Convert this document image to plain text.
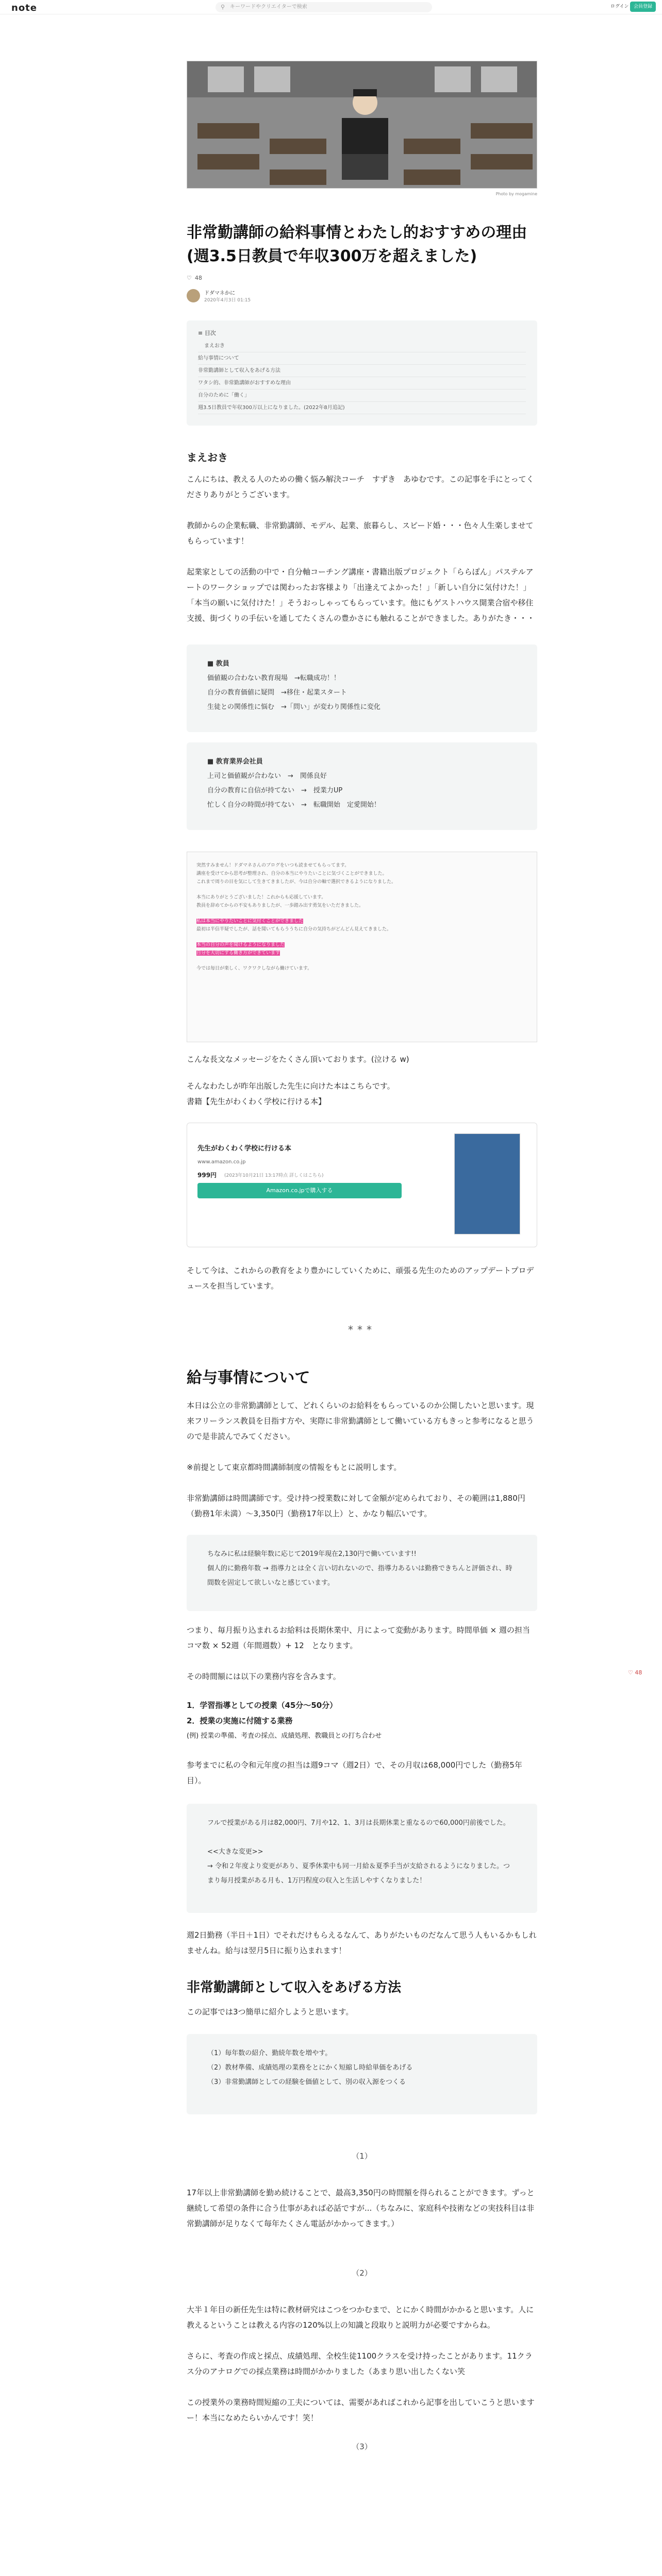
note	⚲ キーワードやクリエイターで検索	ログイン	会員登録
Photo by mogamine
非常勤講師の給料事情とわたし的おすすめの理由(週3.5日教員で年収300万を超えました)
♡ 48
ドダマネかに
2020年4月3日 01:15
≡ 目次
まえおき
給与事情について
非常勤講師として収入をあげる方法
ワタシ的、非常勤講師がおすすめな理由
自分のために「働く」
週3.5日教員で年収300万以上になりました。(2022年8月追記)
まえおき

こんにちは、教える人のための働く悩み解決コーチ　すずき　あゆむです。この記事を手にとってくださりありがとうございます。

教師からの企業転職、非常勤講師、モデル、起業、旅暮らし、スピード婚・・・色々人生楽しませてもらっています！

起業家としての活動の中で・自分軸コーチング講座・書籍出版プロジェクト「ららぽん」パステルアートのワークショップでは関わったお客様より「出逢えてよかった！」「新しい自分に気付けた！」「本当の願いに気付けた！」そうおっしゃってもらっています。他にもゲストハウス開業合宿や移住支援、街づくりの手伝いを通してたくさんの豊かさにも触れることができました。ありがたき・・・

■ 教員
価値観の合わない教育現場　→転職成功！！
自分の教育価値に疑問　→移住・起業スタート
生徒との関係性に悩む　→「問い」が変わり関係性に変化
■ 教育業界会社員
上司と価値観が合わない　→　関係良好
自分の教育に自信が持てない　→　授業力UP
忙しく自分の時間が持てない　→　転職開始　定愛開始！
突然すみません！ドダマネさんのブログをいつも読ませてもらってます。
講座を受けてから思考が整理され、自分の本当にやりたいことに気づくことができました。
これまで周りの目を気にして生きてきましたが、今は自分の軸で選択できるようになりました。
本当にありがとうございました！これからも応援しています。
教員を辞めてからの不安もありましたが、一歩踏み出す勇気をいただきました。
私は本当にやりたいことに気付くことができました
最初は半信半疑でしたが、話を聞いてもらううちに自分の気持ちがどんどん見えてきました。
本当の自分の声を聞けるようになりました
自分を大切にする働き方ができています
今では毎日が楽しく、ワクワクしながら働けています。

こんな長文なメッセージをたくさん頂いております。(泣ける w)

そんなわたしが昨年出版した先生に向けた本はこちらです。

書籍【先生がわくわく学校に行ける本】

先生がわくわく学校に行ける本
www.amazon.co.jp
999円 (2023年10月21日 13:17時点 詳しくはこちら)
Amazon.co.jpで購入する

そして今は、これからの教育をより豊かにしていくために、頑張る先生のためのアップデートプロデュースを担当しています。

***
給与事情について

本日は公立の非常勤講師として、どれくらいのお給料をもらっているのか公開したいと思います。現来フリーランス教員を目指す方や、実際に非常勤講師として働いている方もきっと参考になると思うので是非読んでみてください。

※前提として東京都時間講師制度の情報をもとに説明します。

非常勤講師は時間講師です。受け持つ授業数に対して金額が定められており、その範囲は1,880円（勤務1年未満）〜3,350円（勤務17年以上）と、かなり幅広いです。

ちなみに私は経験年数に応じて2019年現在2,130円で働いています!!
個人的に勤務年数 → 指導力とは全く言い切れないので、指導力あるいは勤務できちんと評価され、時間数を固定して欲しいなと感じています。

つまり、毎月振り込まれるお給料は長期休業中、月によって変動があります。時間単価 × 週の担当コマ数 × 52週（年間週数）+ 12　となります。

その時間額には以下の業務内容を含みます。

1．学習指導としての授業（45分〜50分）

2．授業の実施に付随する業務

(例) 授業の準備、考査の採点、成績処理、教職員との打ち合わせ

参考までに私の令和元年度の担当は週9コマ（週2日）で、その月収は68,000円でした（勤務5年目）。

フルで授業がある月は82,000円、7月や12、1、3月は長期休業と重なるので60,000円前後でした。

<<大きな変更>>
→ 令和２年度より変更があり、夏季休業中も同一月給＆夏季手当が支給されるようになりました。つまり毎月授業がある月も、1万円程度の収入と生活しやすくなりました！

週2日勤務（半日＋1日）でそれだけもらえるなんて、ありがたいものだなんて思う人もいるかもしれませんね。給与は翌月5日に振り込まれます！

非常勤講師として収入をあげる方法

この記事では3つ簡単に紹介しようと思います。

（1）毎年数の紹介、勤続年数を増やす。
（2）教材準備、成績処理の業務をとにかく短縮し時給単価をあげる
（3）非常勤講師としての経験を価値として、別の収入源をつくる
（1）

17年以上非常勤講師を勤め続けることで、最高3,350円の時間額を得られることができます。ずっと継続して希望の条件に合う仕事があれば必話ですが...（ちなみに、家庭科や技術などの実技科目は非常勤講師が足りなくて毎年たくさん電話がかかってきます。）

（2）

大半１年目の新任先生は特に教材研究はこつをつかむまで、とにかく時間がかかると思います。人に教えるということは教える内容の120%以上の知識と段取りと説明力が必要ですからね。

さらに、考査の作成と採点、成績処理、全校生徒1100クラスを受け持ったことがあります。11クラス分のアナログでの採点業務は時間がかかりました（あまり思い出したくない笑

この授業外の業務時間短縮の工夫については、需要があればこれから記事を出していこうと思いますー！本当になめたらいかんです！笑！

（3）
♡ 48
